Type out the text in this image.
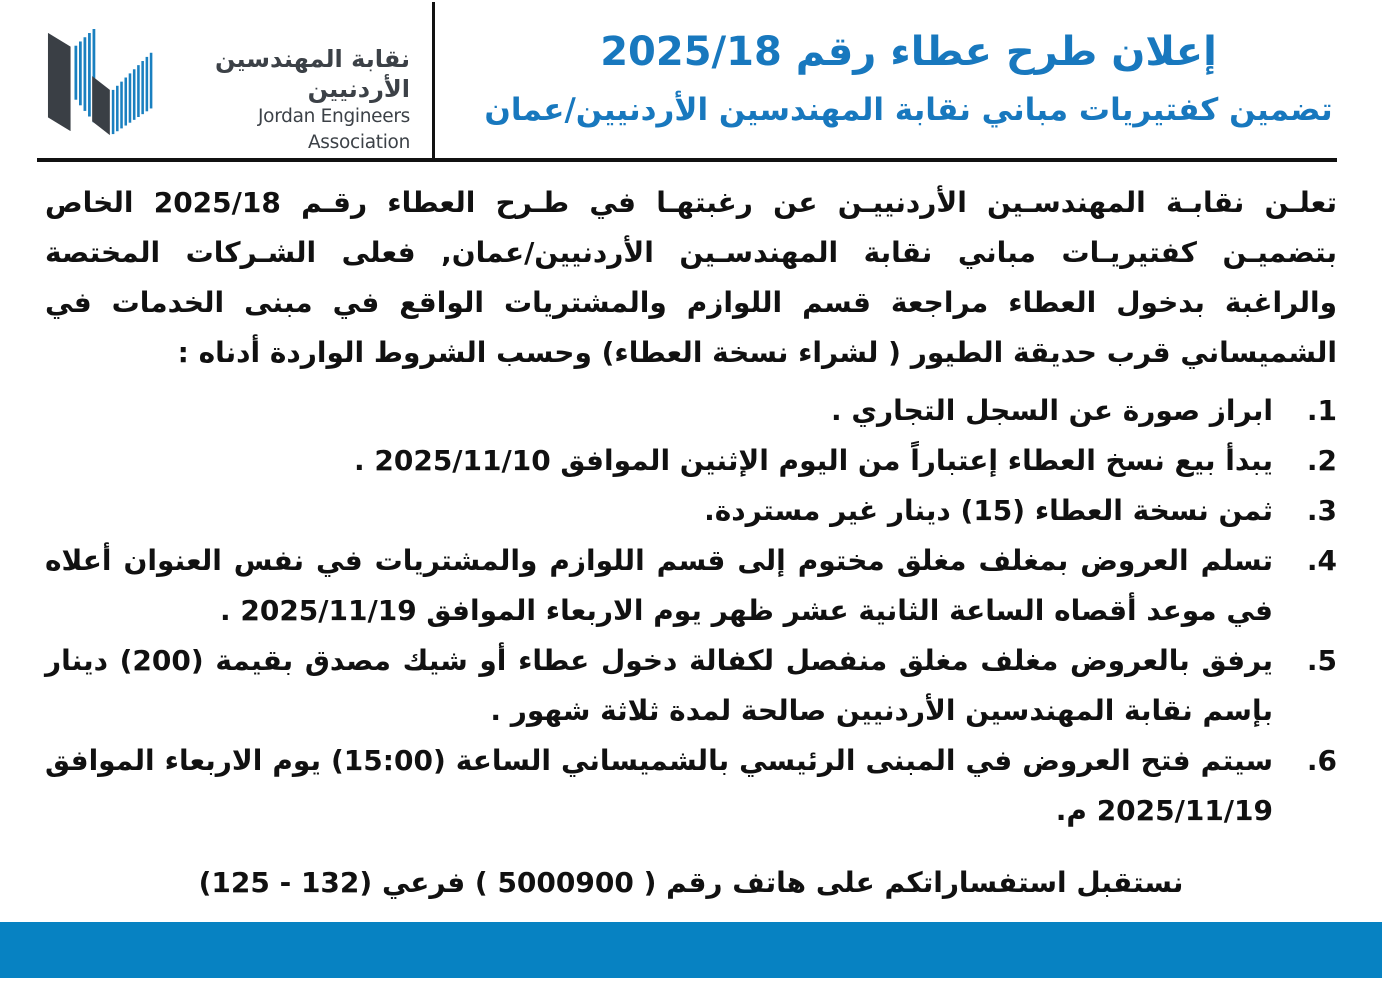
نقابة المهندسين الأردنيين
Jordan Engineers Association
إعلان طرح عطاء رقم 2025/18
تضمين كفتيريات مباني نقابة المهندسين الأردنيين/عمان
تعلـن نقابـة المهندسـين الأردنييـن عن رغبتهـا في طـرح العطاء رقـم 2025/18 الخاص
بتضميـن كفتيريـات مباني نقابة المهندسـين الأردنيين/عمان, فعلى الشـركات المختصة
والراغبة بدخول العطاء مراجعة قسم اللوازم والمشتريات الواقع في مبنى الخدمات في
الشميساني قرب حديقة الطيور ( لشراء نسخة العطاء) وحسب الشروط الواردة أدناه :
1.
ابراز صورة عن السجل التجاري .
2.
يبدأ بيع نسخ العطاء إعتباراً من اليوم الإثنين الموافق 2025/11/10 .
3.
ثمن نسخة العطاء (15) دينار غير مستردة.
4.
تسلم العروض بمغلف مغلق مختوم إلى قسم اللوازم والمشتريات في نفس العنوان أعلاه في موعد أقصاه الساعة الثانية عشر ظهر يوم الاربعاء الموافق 2025/11/19 .
5.
يرفق بالعروض مغلف مغلق منفصل لكفالة دخول عطاء أو شيك مصدق بقيمة (200) دينار بإسم نقابة المهندسين الأردنيين صالحة لمدة ثلاثة شهور .
6.
سيتم فتح العروض في المبنى الرئيسي بالشميساني الساعة (15:00) يوم الاربعاء الموافق 2025/11/19 م.
نستقبل استفساراتكم على هاتف رقم ( 5000900 ) فرعي (132 - 125)
